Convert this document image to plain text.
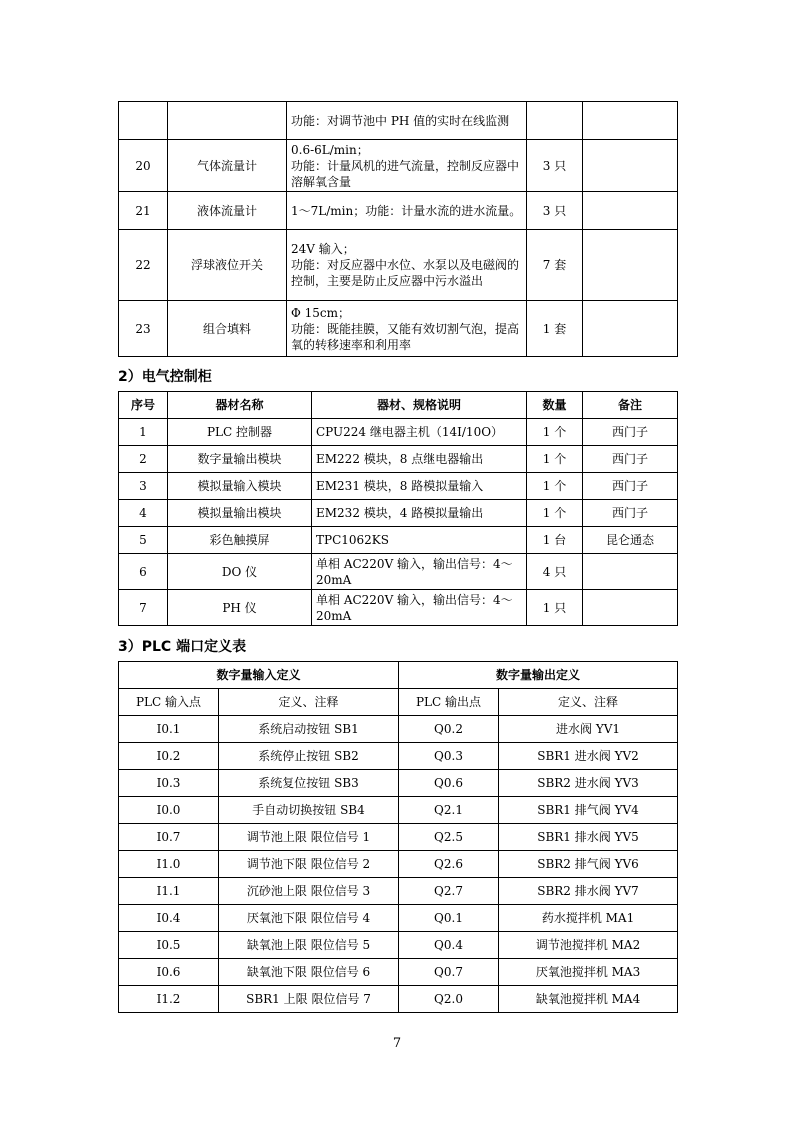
		功能：对调节池中 PH 值的实时在线监测		
20	气体流量计	0.6-6L/min；
功能：计量风机的进气流量，控制反应器中溶解氧含量	3 只	
21	液体流量计	1～7L/min；功能：计量水流的进水流量。	3 只	
22	浮球液位开关	24V 输入；
功能：对反应器中水位、水泵以及电磁阀的控制，主要是防止反应器中污水溢出	7 套	
23	组合填料	Φ 15cm；
功能：既能挂膜，又能有效切割气泡，提高氧的转移速率和利用率	1 套	
2）电气控制柜
序号	器材名称	器材、规格说明	数量	备注
1	PLC 控制器	CPU224 继电器主机（14I/10O）	1 个	西门子
2	数字量输出模块	EM222 模块，8 点继电器输出	1 个	西门子
3	模拟量输入模块	EM231 模块，8 路模拟量输入	1 个	西门子
4	模拟量输出模块	EM232 模块，4 路模拟量输出	1 个	西门子
5	彩色触摸屏	TPC1062KS	1 台	昆仑通态
6	DO 仪	单相 AC220V 输入，输出信号：4～20mA	4 只	
7	PH 仪	单相 AC220V 输入，输出信号：4～20mA	1 只	
3）PLC 端口定义表
数字量输入定义		数字量输出定义	
PLC 输入点	定义、注释	PLC 输出点	定义、注释
I0.1	系统启动按钮 SB1	Q0.2	进水阀 YV1
I0.2	系统停止按钮 SB2	Q0.3	SBR1 进水阀 YV2
I0.3	系统复位按钮 SB3	Q0.6	SBR2 进水阀 YV3
I0.0	手自动切换按钮 SB4	Q2.1	SBR1 排气阀 YV4
I0.7	调节池上限 限位信号 1	Q2.5	SBR1 排水阀 YV5
I1.0	调节池下限 限位信号 2	Q2.6	SBR2 排气阀 YV6
I1.1	沉砂池上限 限位信号 3	Q2.7	SBR2 排水阀 YV7
I0.4	厌氧池下限 限位信号 4	Q0.1	药水搅拌机 MA1
I0.5	缺氧池上限 限位信号 5	Q0.4	调节池搅拌机 MA2
I0.6	缺氧池下限 限位信号 6	Q0.7	厌氧池搅拌机 MA3
I1.2	SBR1 上限 限位信号 7	Q2.0	缺氧池搅拌机 MA4
7
